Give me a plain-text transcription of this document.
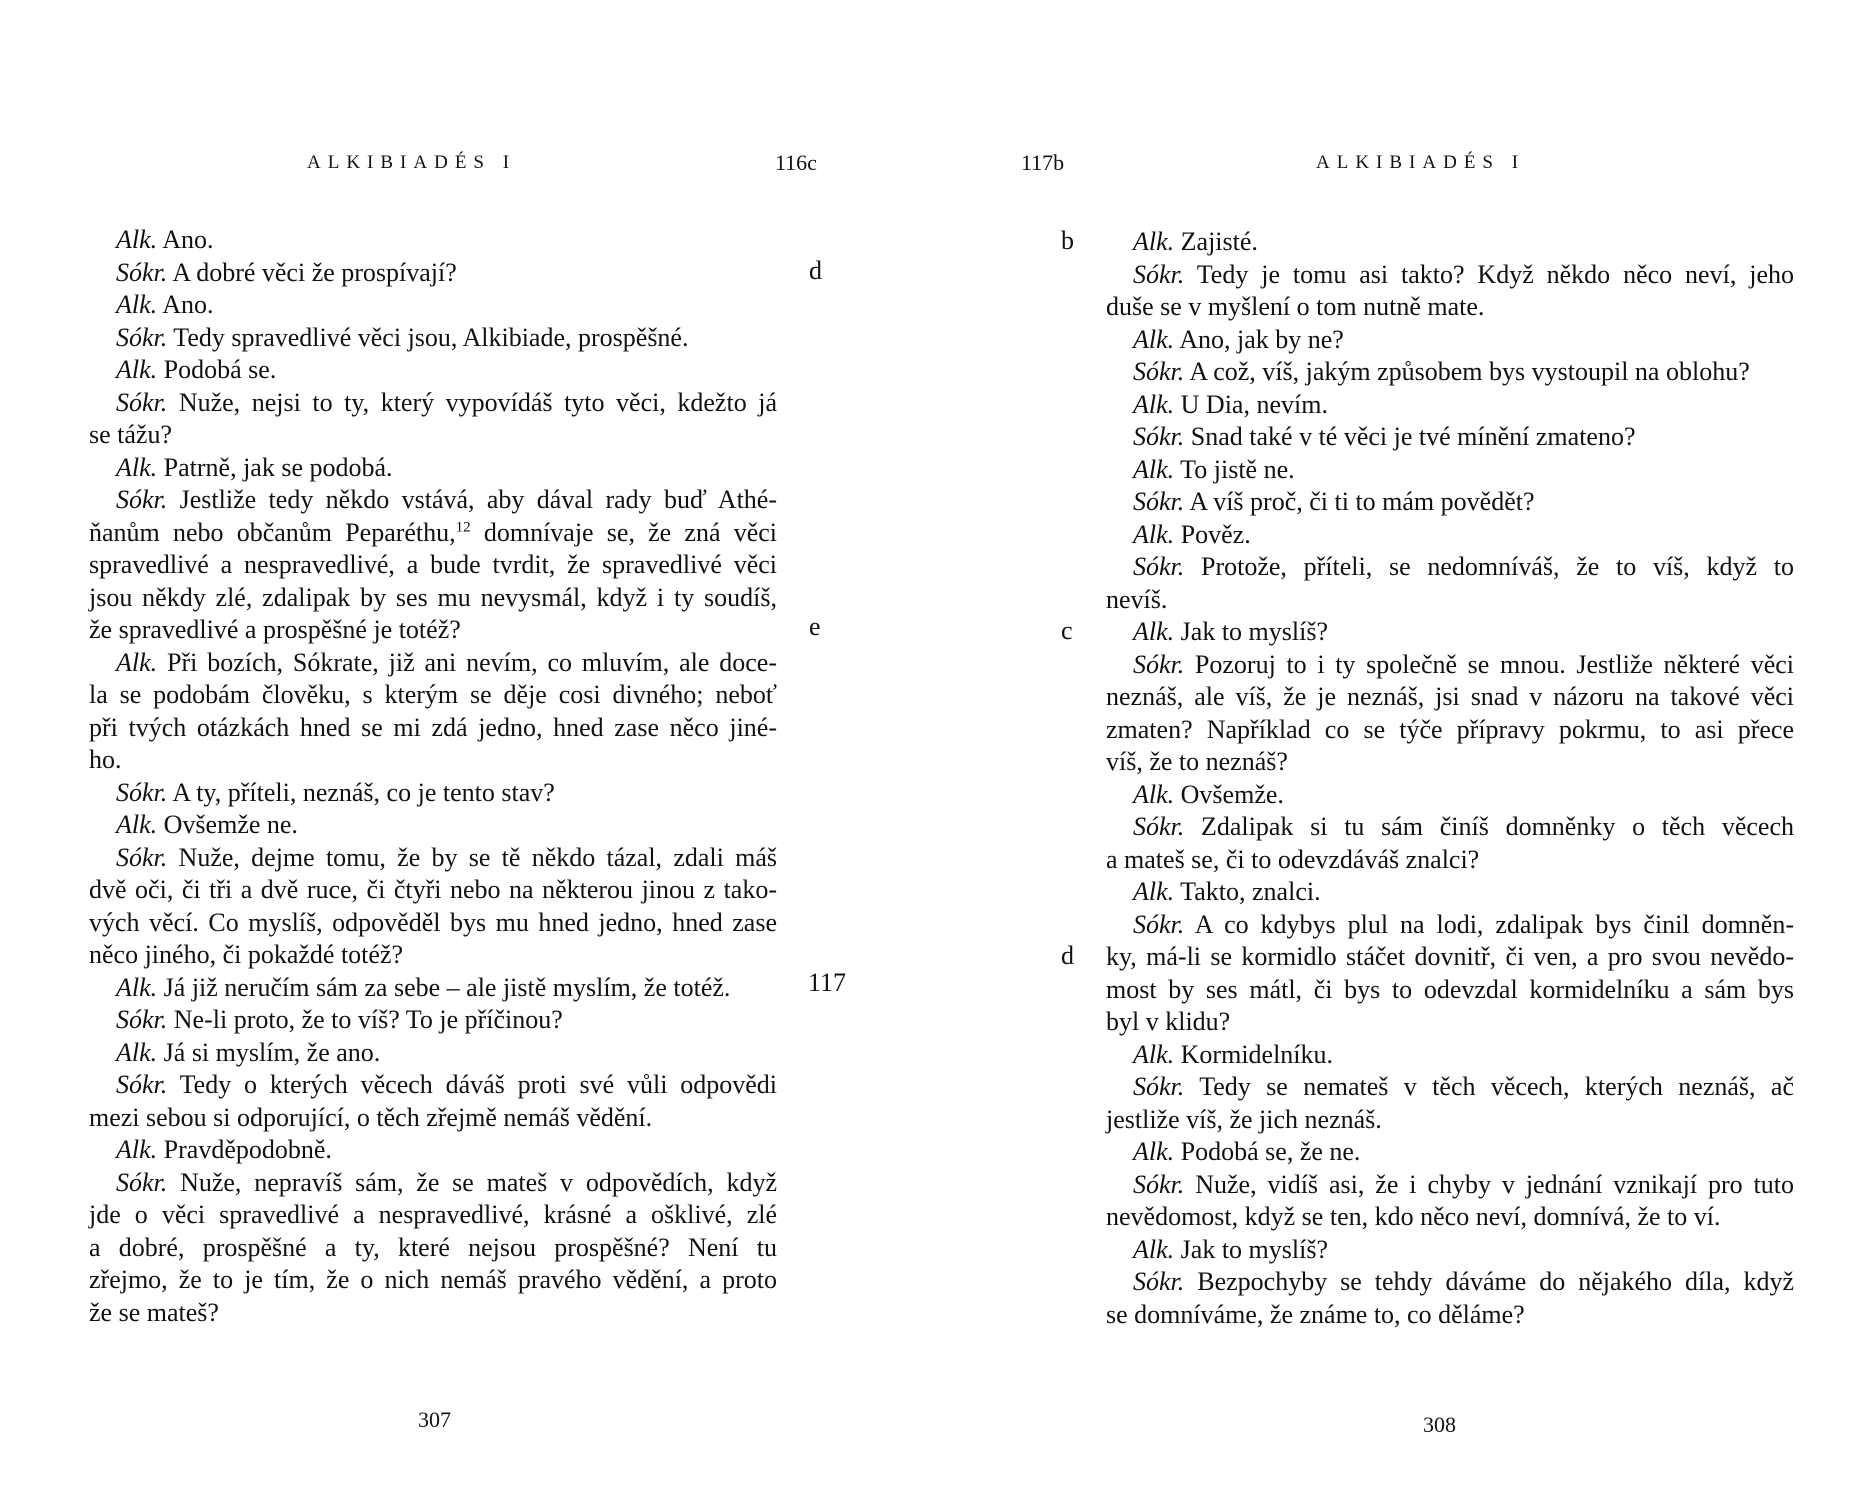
ALKIBIADÉS I	116c
Alk. Ano.
Sókr. A dobré věci že prospívají?
Alk. Ano.
Sókr. Tedy spravedlivé věci jsou, Alkibiade, prospěšné.
Alk. Podobá se.
Sókr. Nuže, nejsi to ty, který vypovídáš tyto věci, kdežto já
se tážu?
Alk. Patrně, jak se podobá.
Sókr. Jestliže tedy někdo vstává, aby dával rady buď Athé-
ňanům nebo občanům Peparéthu,$^{12}$ domnívaje se, že zná věci
spravedlivé a nespravedlivé, a bude tvrdit, že spravedlivé věci
jsou někdy zlé, zdalipak by ses mu nevysmál, když i ty soudíš,
že spravedlivé a prospěšné je totéž?
Alk. Při bozích, Sókrate, již ani nevím, co mluvím, ale doce-
la se podobám člověku, s kterým se děje cosi divného; neboť
při tvých otázkách hned se mi zdá jedno, hned zase něco jiné-
ho.
Sókr. A ty, příteli, neznáš, co je tento stav?
Alk. Ovšemže ne.
Sókr. Nuže, dejme tomu, že by se tě někdo tázal, zdali máš
dvě oči, či tři a dvě ruce, či čtyři nebo na některou jinou z tako-
vých věcí. Co myslíš, odpověděl bys mu hned jedno, hned zase
něco jiného, či pokaždé totéž?
Alk. Já již neručím sám za sebe – ale jistě myslím, že totéž.
Sókr. Ne-li proto, že to víš? To je příčinou?
Alk. Já si myslím, že ano.
Sókr. Tedy o kterých věcech dáváš proti své vůli odpovědi
mezi sebou si odporující, o těch zřejmě nemáš vědění.
Alk. Pravděpodobně.
Sókr. Nuže, nepravíš sám, že se mateš v odpovědích, když
jde o věci spravedlivé a nespravedlivé, krásné a ošklivé, zlé
a dobré, prospěšné a ty, které nejsou prospěšné? Není tu
zřejmo, že to je tím, že o nich nemáš pravého vědění, a proto
že se mateš?
d
e
117
307
117b	ALKIBIADÉS I
Alk. Zajisté.
Sókr. Tedy je tomu asi takto? Když někdo něco neví, jeho
duše se v myšlení o tom nutně mate.
Alk. Ano, jak by ne?
Sókr. A což, víš, jakým způsobem bys vystoupil na oblohu?
Alk. U Dia, nevím.
Sókr. Snad také v té věci je tvé mínění zmateno?
Alk. To jistě ne.
Sókr. A víš proč, či ti to mám povědět?
Alk. Pověz.
Sókr. Protože, příteli, se nedomníváš, že to víš, když to
nevíš.
Alk. Jak to myslíš?
Sókr. Pozoruj to i ty společně se mnou. Jestliže některé věci
neznáš, ale víš, že je neznáš, jsi snad v názoru na takové věci
zmaten? Například co se týče přípravy pokrmu, to asi přece
víš, že to neznáš?
Alk. Ovšemže.
Sókr. Zdalipak si tu sám činíš domněnky o těch věcech
a mateš se, či to odevzdáváš znalci?
Alk. Takto, znalci.
Sókr. A co kdybys plul na lodi, zdalipak bys činil domněn-
ky, má-li se kormidlo stáčet dovnitř, či ven, a pro svou nevědo-
most by ses mátl, či bys to odevzdal kormidelníku a sám bys
byl v klidu?
Alk. Kormidelníku.
Sókr. Tedy se nemateš v těch věcech, kterých neznáš, ač
jestliže víš, že jich neznáš.
Alk. Podobá se, že ne.
Sókr. Nuže, vidíš asi, že i chyby v jednání vznikají pro tuto
nevědomost, když se ten, kdo něco neví, domnívá, že to ví.
Alk. Jak to myslíš?
Sókr. Bezpochyby se tehdy dáváme do nějakého díla, když
se domníváme, že známe to, co děláme?
b
c
d
308
